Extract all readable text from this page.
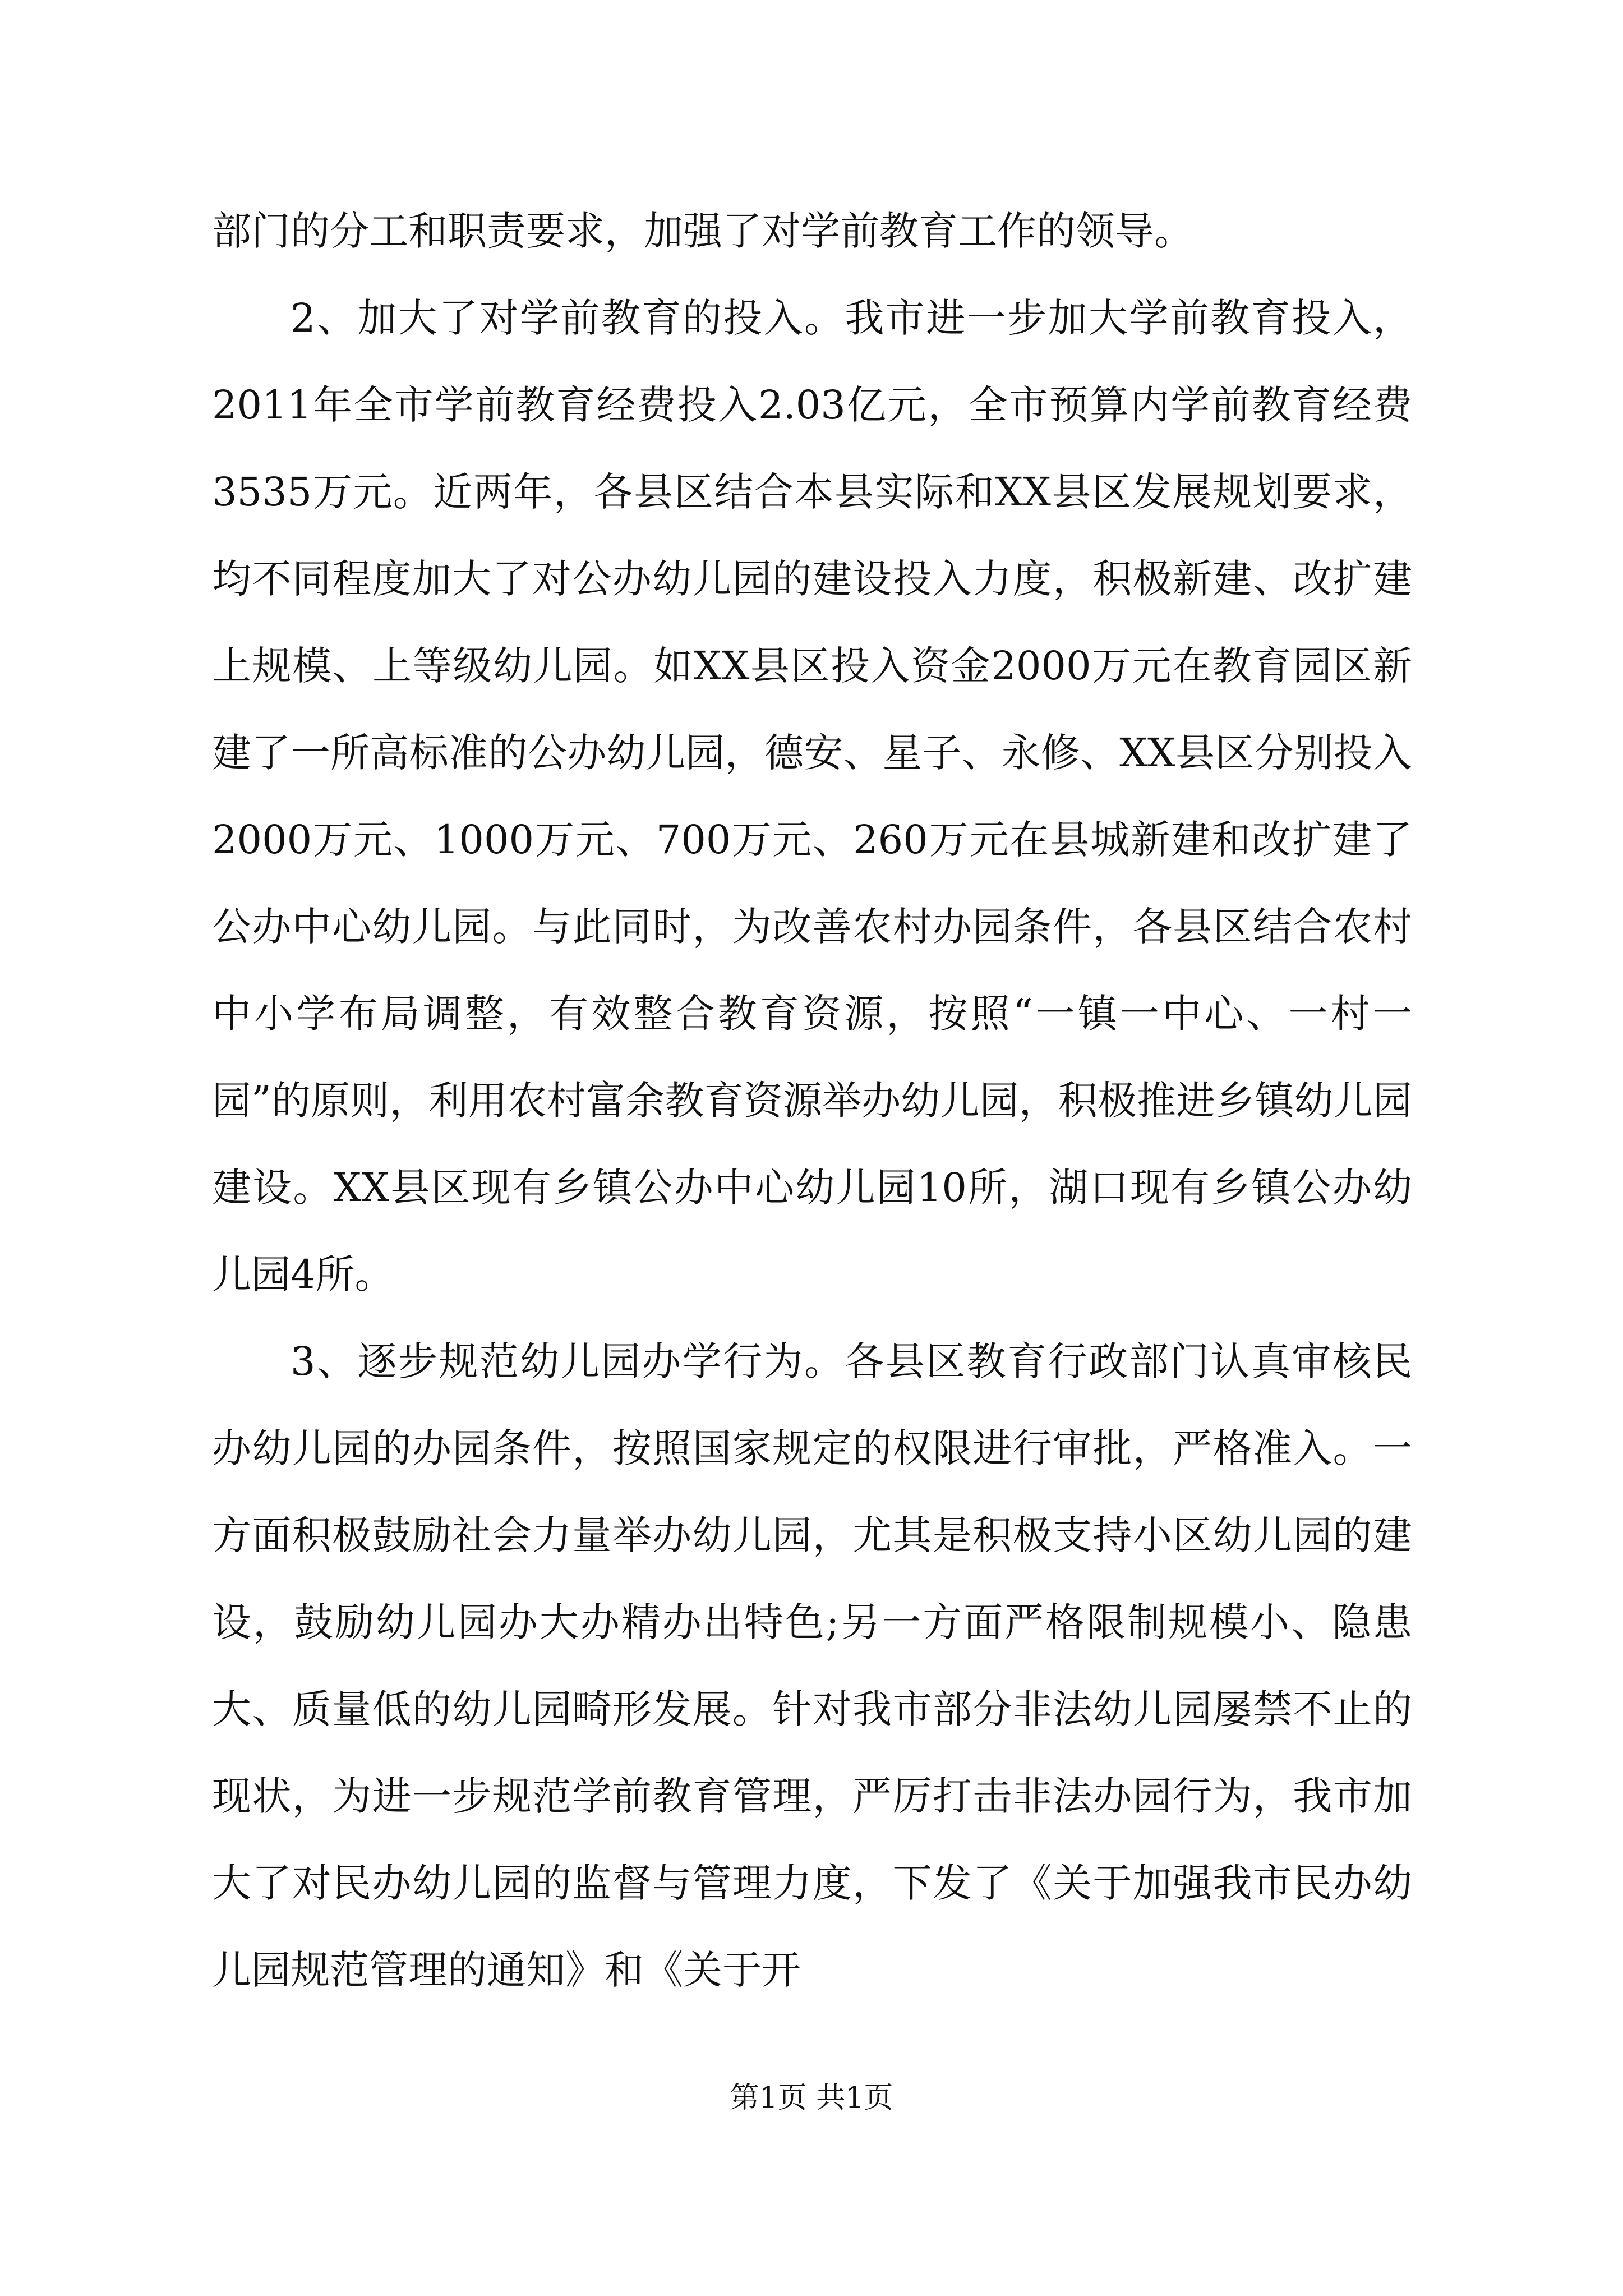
部门的分工和职责要求，加强了对学前教育工作的领导。

2、加大了对学前教育的投入。我市进一步加大学前教育投入，2011年全市学前教育经费投入2.03亿元，全市预算内学前教育经费3535万元。近两年，各县区结合本县实际和XX县区发展规划要求，均不同程度加大了对公办幼儿园的建设投入力度，积极新建、改扩建上规模、上等级幼儿园。如XX县区投入资金2000万元在教育园区新建了一所高标准的公办幼儿园，德安、星子、永修、XX县区分别投入2000万元、1000万元、700万元、260万元在县城新建和改扩建了公办中心幼儿园。与此同时，为改善农村办园条件，各县区结合农村中小学布局调整，有效整合教育资源，按照“一镇一中心、一村一园”的原则，利用农村富余教育资源举办幼儿园，积极推进乡镇幼儿园建设。XX县区现有乡镇公办中心幼儿园10所，湖口现有乡镇公办幼儿园4所。

3、逐步规范幼儿园办学行为。各县区教育行政部门认真审核民办幼儿园的办园条件，按照国家规定的权限进行审批，严格准入。一方面积极鼓励社会力量举办幼儿园，尤其是积极支持小区幼儿园的建设，鼓励幼儿园办大办精办出特色;另一方面严格限制规模小、隐患大、质量低的幼儿园畸形发展。针对我市部分非法幼儿园屡禁不止的现状，为进一步规范学前教育管理，严厉打击非法办园行为，我市加大了对民办幼儿园的监督与管理力度，下发了《关于加强我市民办幼儿园规范管理的通知》和《关于开

第1页 共1页
